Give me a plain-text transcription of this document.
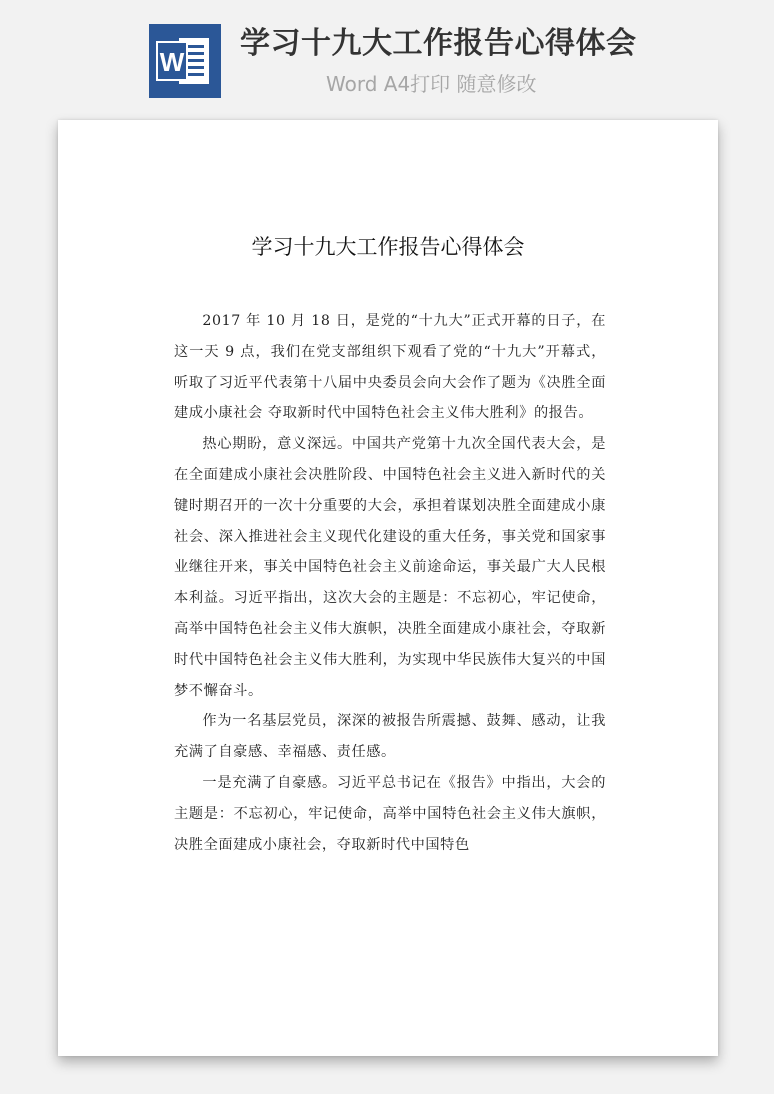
W
学习十九大工作报告心得体会
Word A4打印 随意修改
学习十九大工作报告心得体会

2017 年 10 月 18 日，是党的“十九大”正式开幕的日子，在这一天 9 点，我们在党支部组织下观看了党的“十九大”开幕式，听取了习近平代表第十八届中央委员会向大会作了题为《决胜全面建成小康社会 夺取新时代中国特色社会主义伟大胜利》的报告。

热心期盼，意义深远。中国共产党第十九次全国代表大会，是在全面建成小康社会决胜阶段、中国特色社会主义进入新时代的关键时期召开的一次十分重要的大会，承担着谋划决胜全面建成小康社会、深入推进社会主义现代化建设的重大任务，事关党和国家事业继往开来，事关中国特色社会主义前途命运，事关最广大人民根本利益。习近平指出，这次大会的主题是：不忘初心，牢记使命，高举中国特色社会主义伟大旗帜，决胜全面建成小康社会，夺取新时代中国特色社会主义伟大胜利，为实现中华民族伟大复兴的中国梦不懈奋斗。

作为一名基层党员，深深的被报告所震撼、鼓舞、感动，让我充满了自豪感、幸福感、责任感。

一是充满了自豪感。习近平总书记在《报告》中指出，大会的主题是：不忘初心，牢记使命，高举中国特色社会主义伟大旗帜，决胜全面建成小康社会，夺取新时代中国特色
